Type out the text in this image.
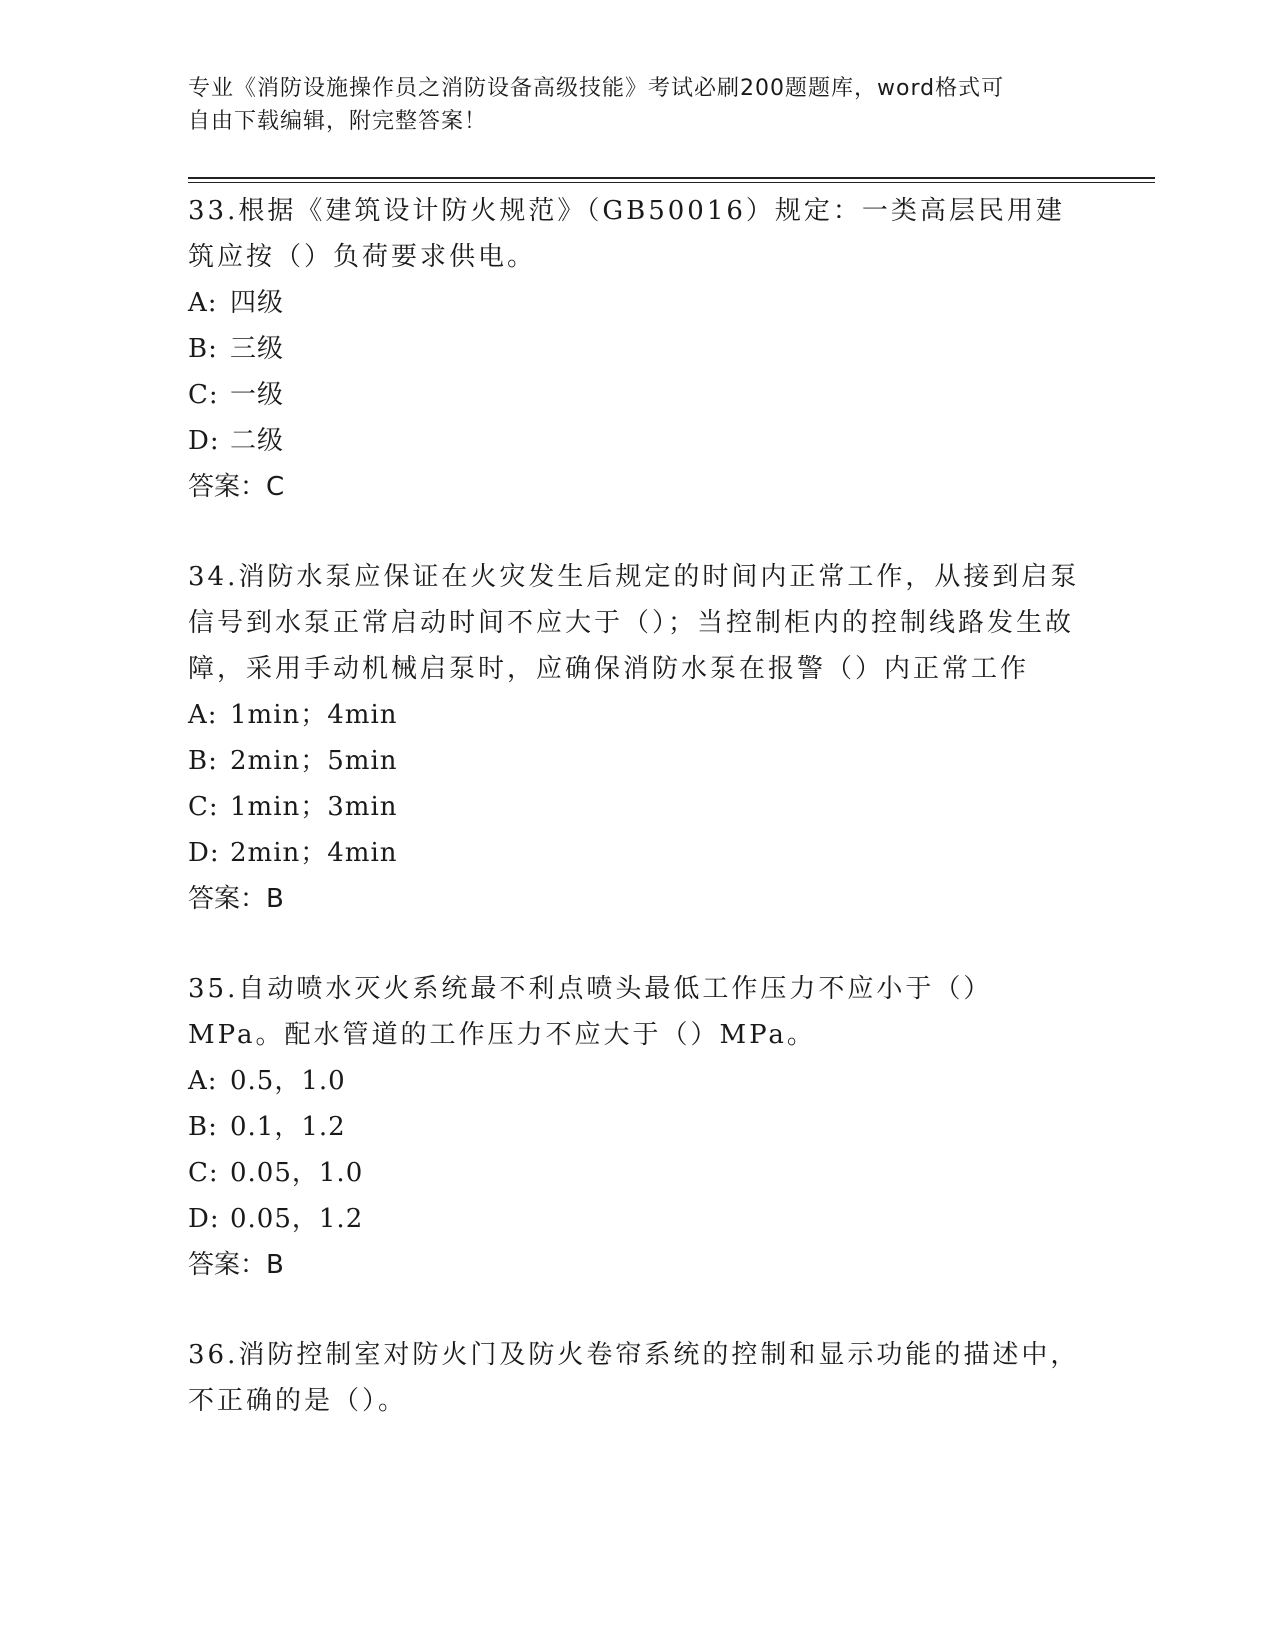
专业《消防设施操作员之消防设备高级技能》考试必刷200题题库，word格式可
自由下载编辑，附完整答案！

33.根据《建筑设计防火规范》（GB50016）规定：一类高层民用建筑应按（）负荷要求供电。

A: 四级
B: 三级
C: 一级
D: 二级
答案：C

34.消防水泵应保证在火灾发生后规定的时间内正常工作，从接到启泵信号到水泵正常启动时间不应大于（）；当控制柜内的控制线路发生故障，采用手动机械启泵时，应确保消防水泵在报警（）内正常工作

A: 1min；4min
B: 2min；5min
C: 1min；3min
D: 2min；4min
答案：B

35.自动喷水灭火系统最不利点喷头最低工作压力不应小于（）MPa。配水管道的工作压力不应大于（）MPa。

A: 0.5，1.0
B: 0.1，1.2
C: 0.05，1.0
D: 0.05，1.2
答案：B

36.消防控制室对防火门及防火卷帘系统的控制和显示功能的描述中，不正确的是（）。
